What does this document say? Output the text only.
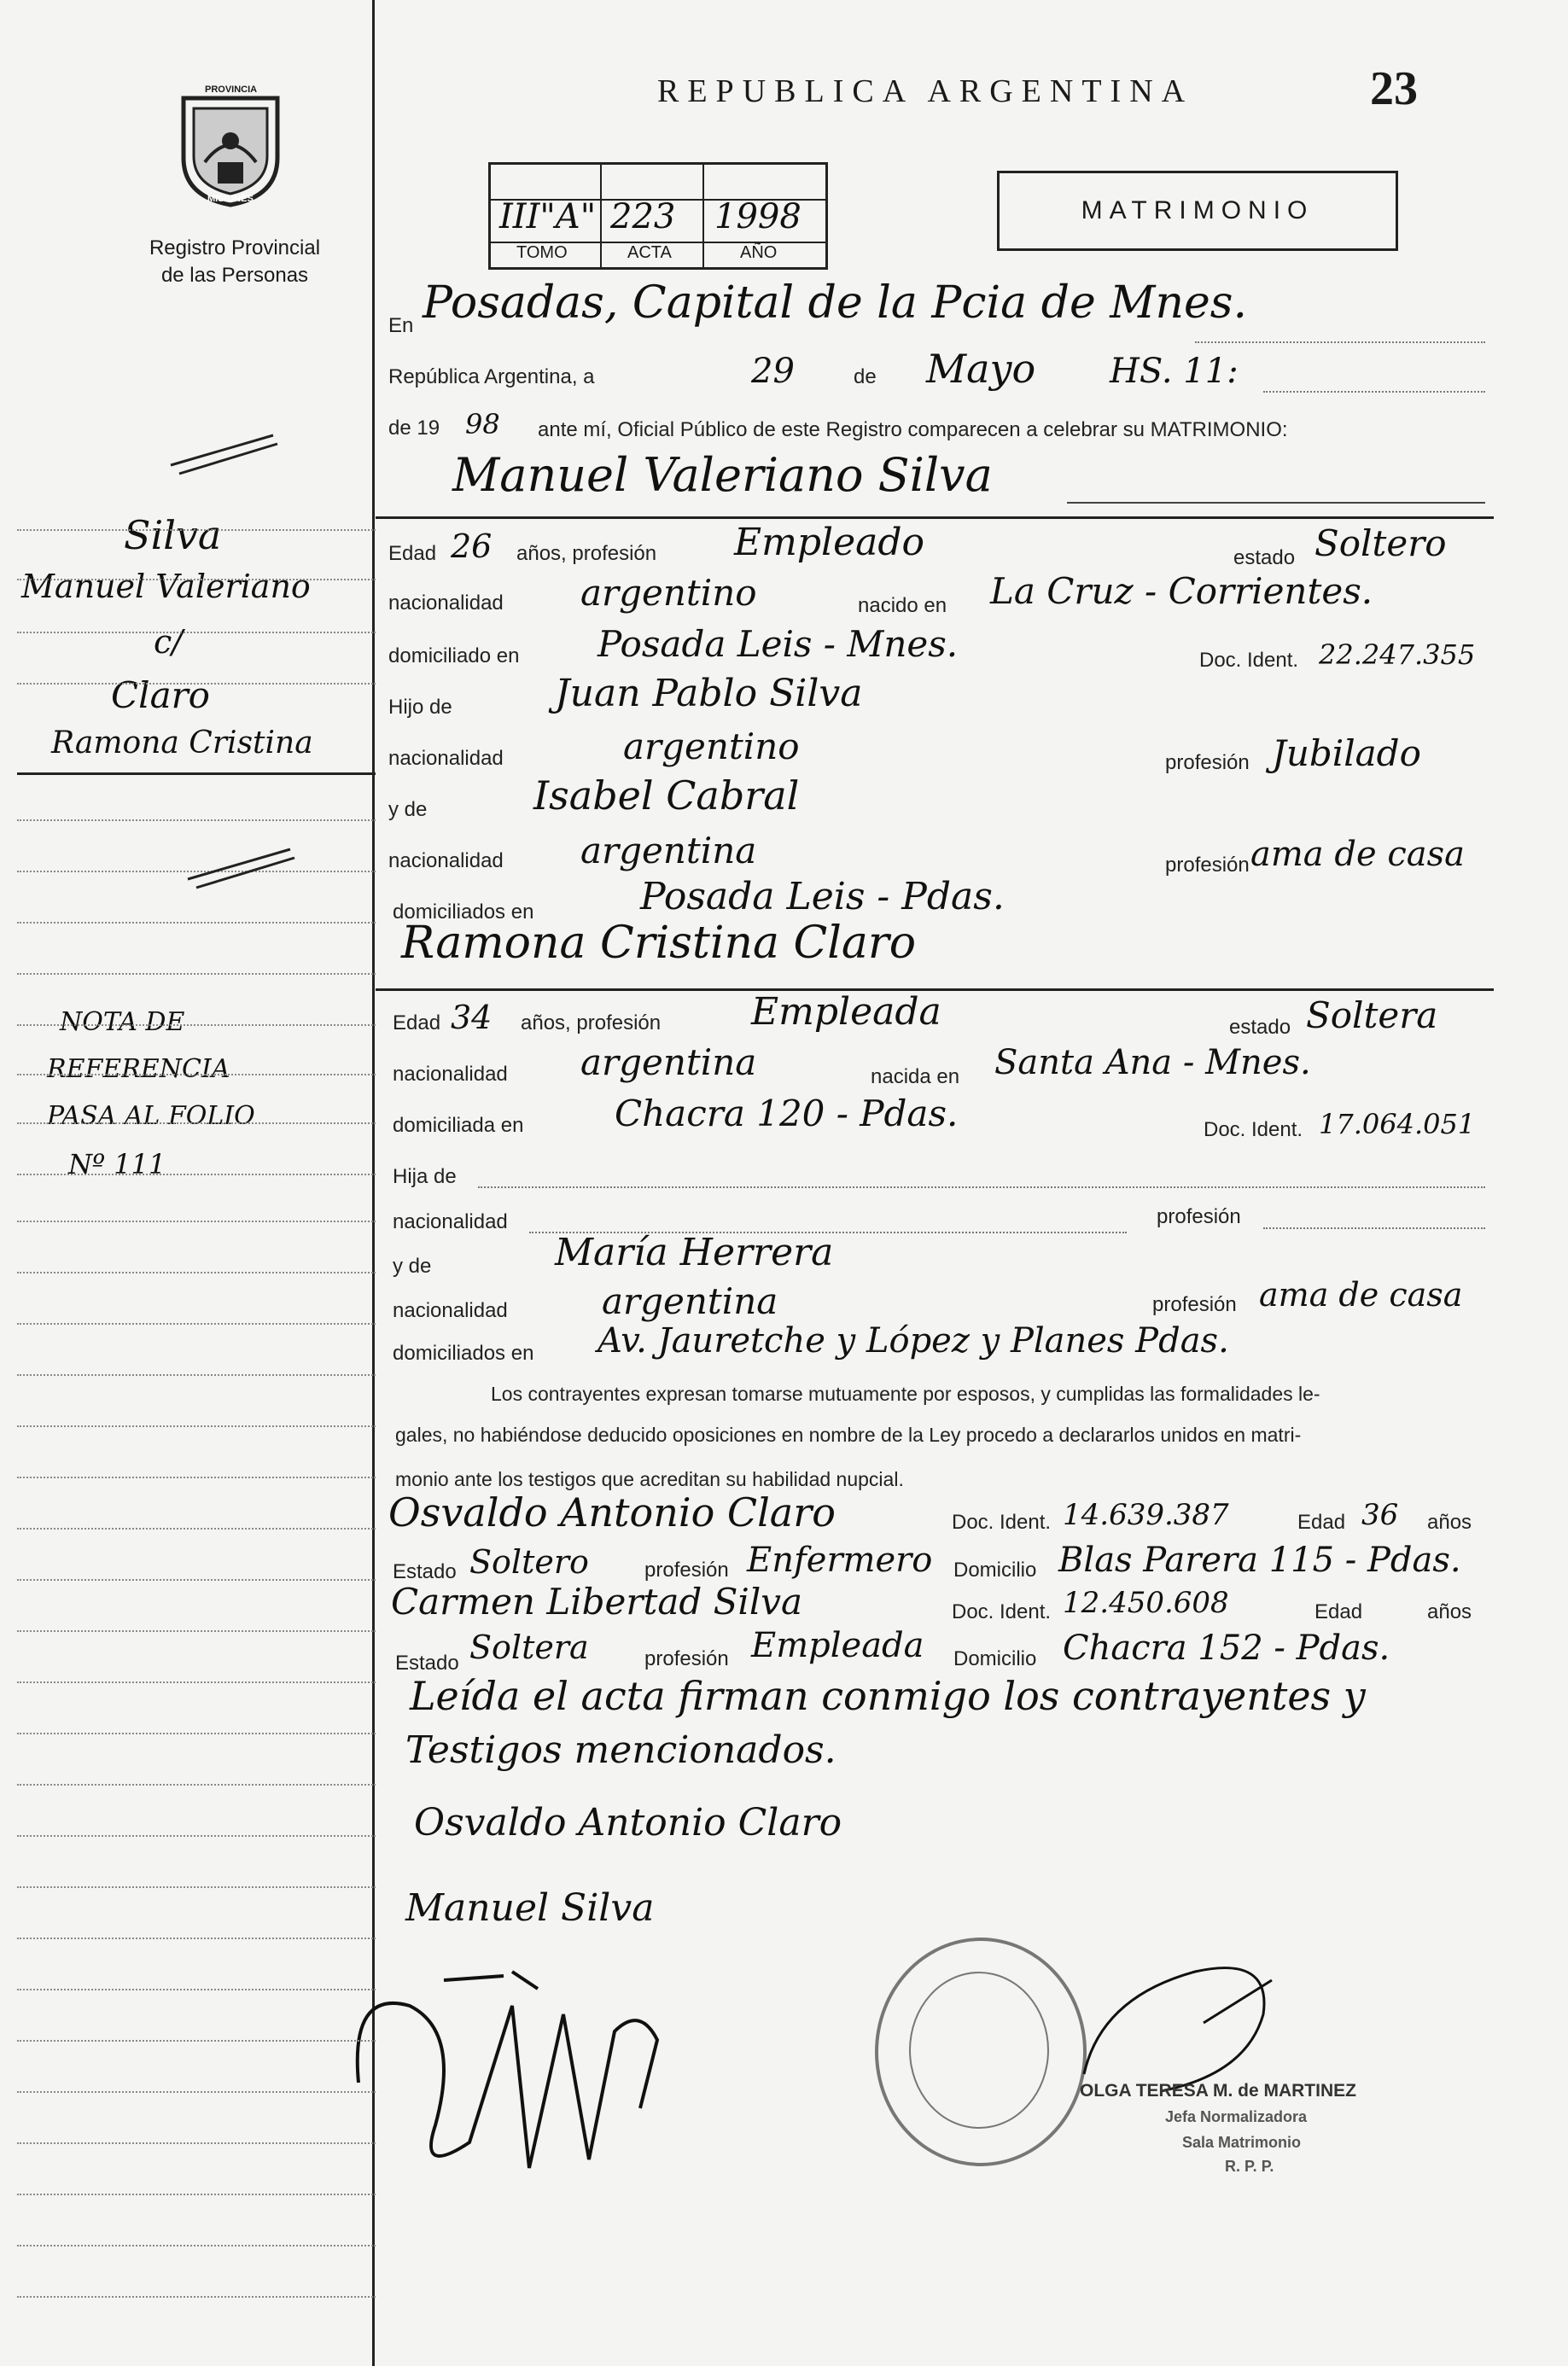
PROVINCIA
MISIONES
Registro Provincial
de las Personas
REPUBLICA ARGENTINA	23
III"A" 223 1998
TOMO	ACTA	AÑO
MATRIMONIO
En Posadas, Capital de la Pcia de Mnes.
República Argentina, a	29	de Mayo HS. 11:
de 19 98 ante mí, Oficial Público de este Registro comparecen a celebrar su MATRIMONIO:
Manuel Valeriano Silva
Edad 26 años, profesión Empleado	estado Soltero
nacionalidad argentino	nacido en La Cruz - Corrientes.
domiciliado en Posada Leis - Mnes.	Doc. Ident. 22.247.355
Hijo de	Juan Pablo Silva
nacionalidad	argentino	profesión Jubilado
y de	Isabel Cabral
nacionalidad argentina	profesión ama de casa
domiciliados en	Posada Leis - Pdas.
Ramona Cristina Claro
Edad 34 años, profesión Empleada	estado Soltera
nacionalidad argentina	nacida en Santa Ana - Mnes.
domiciliada en	Chacra 120 - Pdas.	Doc. Ident. 17.064.051
Hija de
nacionalidad	profesión
y de	María Herrera
nacionalidad	argentina	profesión ama de casa
domiciliados en Av. Jauretche y López y Planes Pdas.
Los contrayentes expresan tomarse mutuamente por esposos, y cumplidas las formalidades le-
gales, no habiéndose deducido oposiciones en nombre de la Ley procedo a declararlos unidos en matri-
monio ante los testigos que acreditan su habilidad nupcial.
Osvaldo Antonio Claro	Doc. Ident. 14.639.387	Edad 36 años
Estado Soltero	profesión Enfermero Domicilio Blas Parera 115 - Pdas.
Carmen Libertad Silva	Doc. Ident. 12.450.608	Edad	años
Estado Soltera	profesión Empleada Domicilio Chacra 152 - Pdas.
Leída el acta firman conmigo los contrayentes y
Testigos mencionados.
Osvaldo Antonio Claro
Manuel Silva
OLGA TERESA M. de MARTINEZ
Jefa Normalizadora
Sala Matrimonio
R. P. P.
Silva
Manuel Valeriano
c/
Claro
Ramona Cristina
NOTA DE
REFERENCIA
PASA AL FOLIO
Nº 111
